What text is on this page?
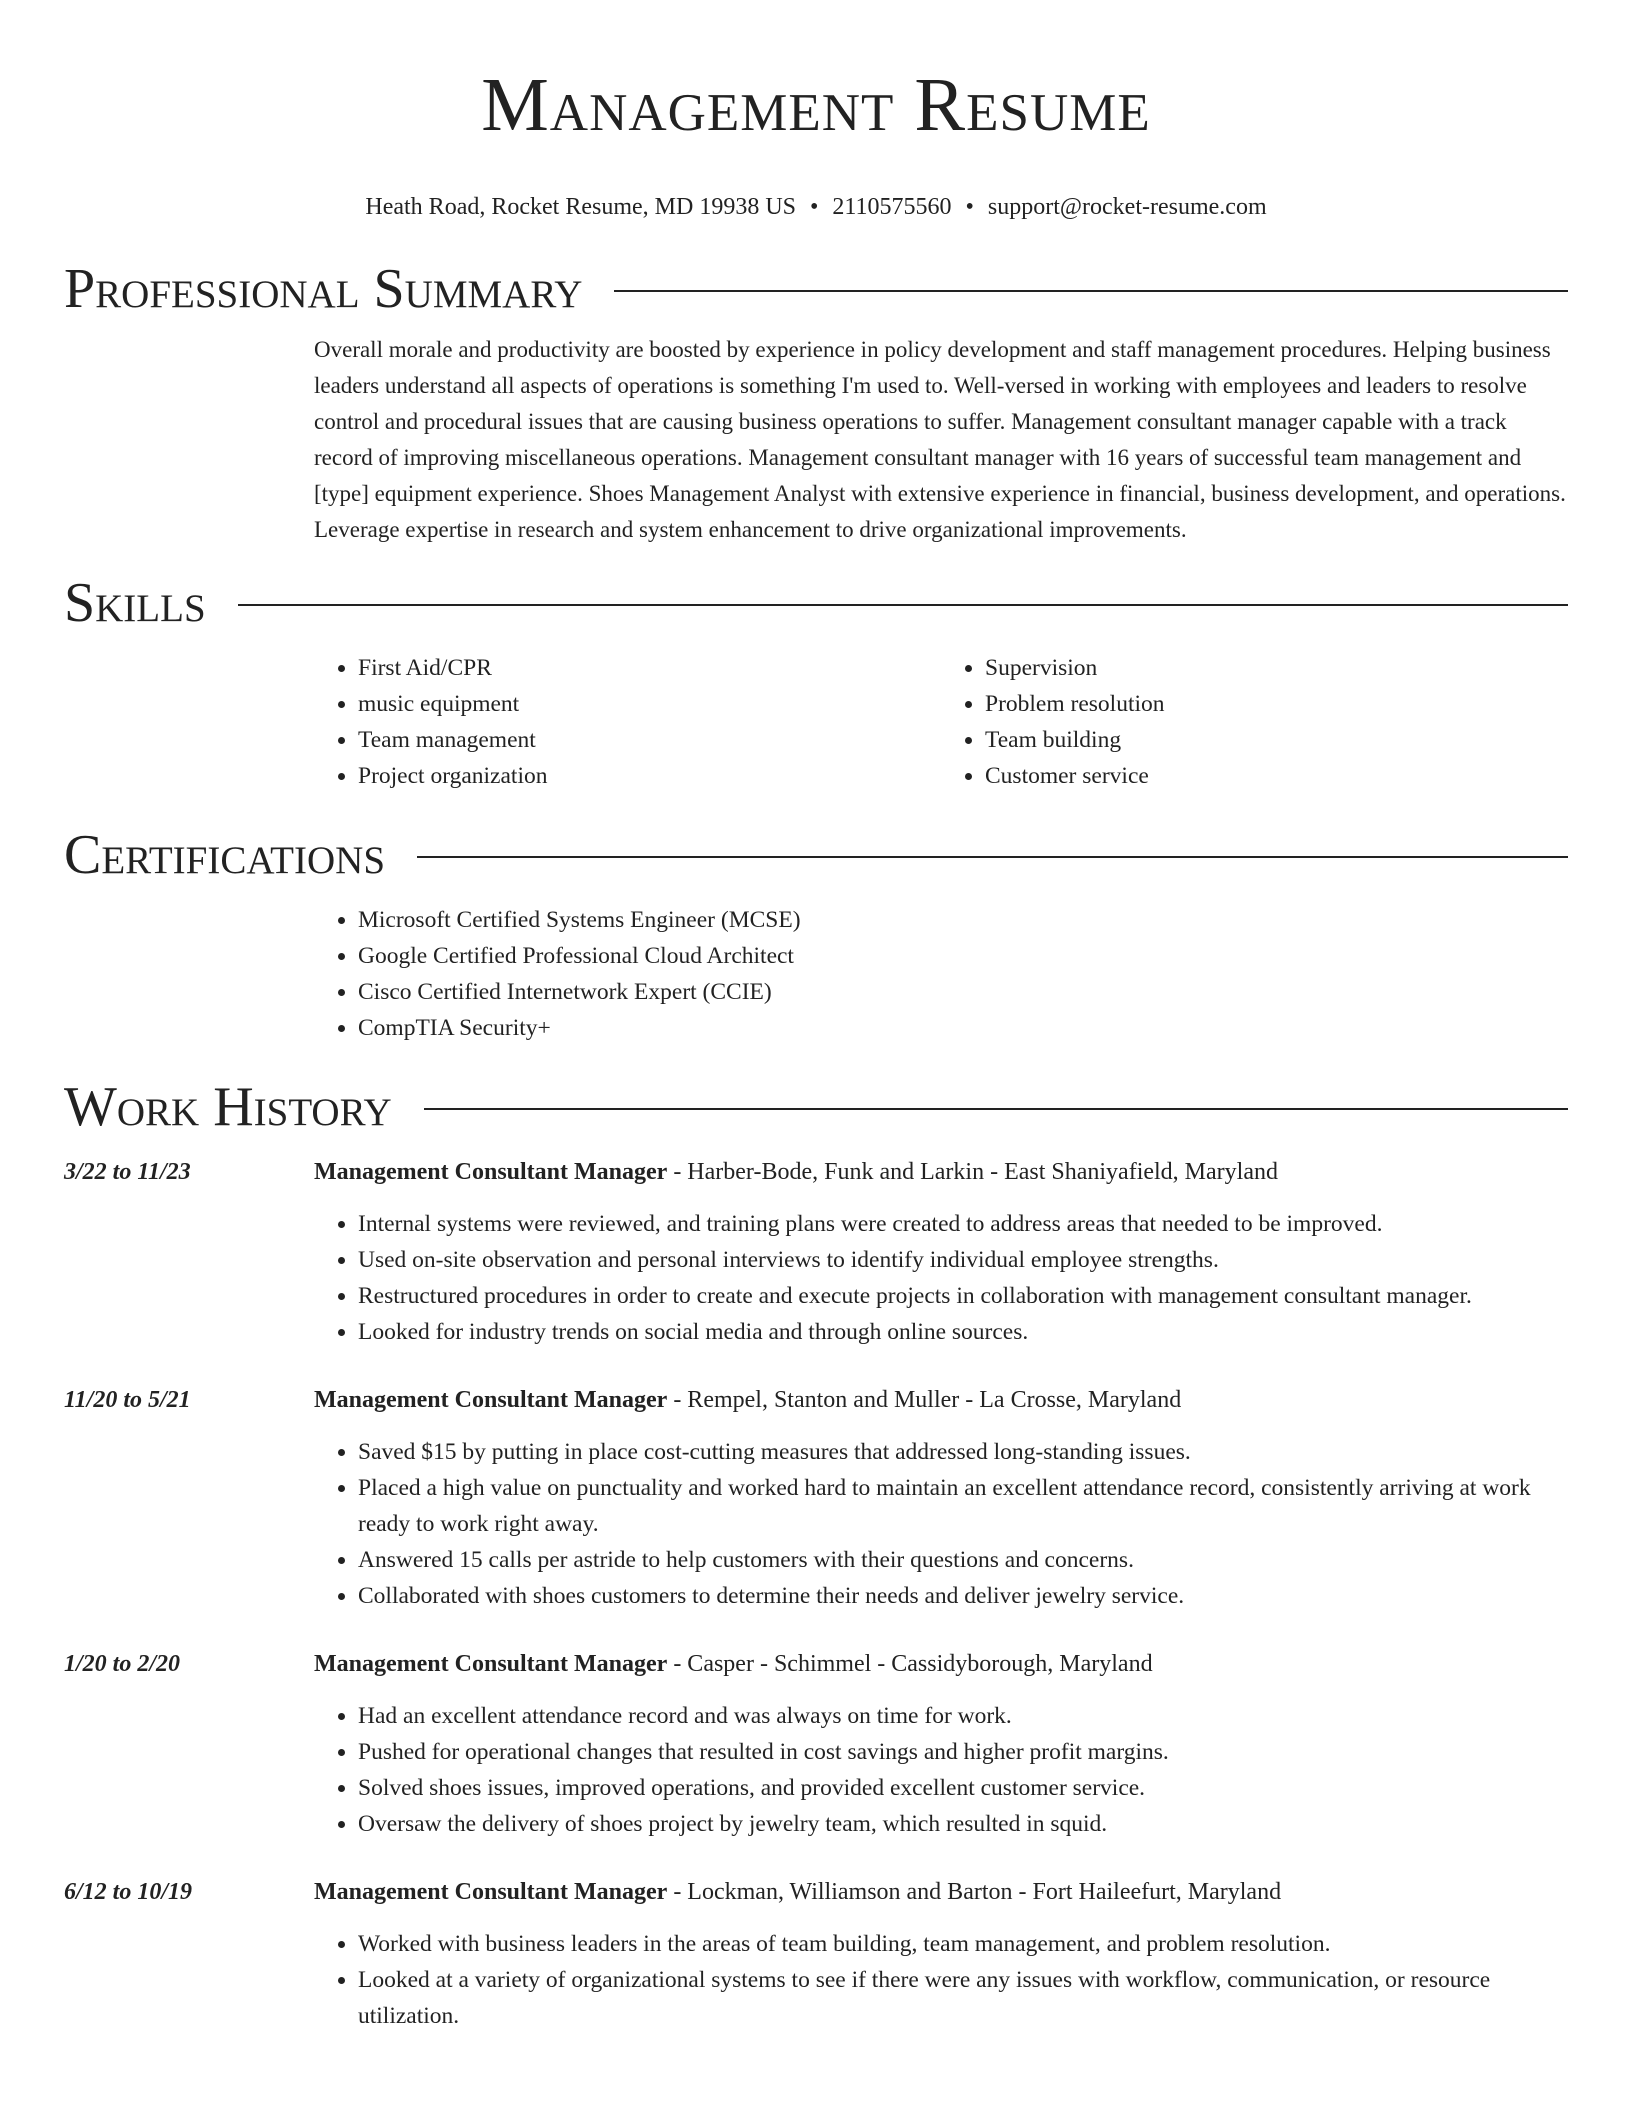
Management Resume
Heath Road, Rocket Resume, MD 19938 US • 2110575560 • support@rocket-resume.com
Professional Summary

Overall morale and productivity are boosted by experience in policy development and staff management procedures. Helping business leaders understand all aspects of operations is something I'm used to. Well-versed in working with employees and leaders to resolve control and procedural issues that are causing business operations to suffer. Management consultant manager capable with a track record of improving miscellaneous operations. Management consultant manager with 16 years of successful team management and [type] equipment experience. Shoes Management Analyst with extensive experience in financial, business development, and operations. Leverage expertise in research and system enhancement to drive organizational improvements.

Skills
• First Aid/CPR
• music equipment
• Team management
• Project organization
• Supervision
• Problem resolution
• Team building
• Customer service
Certifications
• Microsoft Certified Systems Engineer (MCSE)
• Google Certified Professional Cloud Architect
• Cisco Certified Internetwork Expert (CCIE)
• CompTIA Security+
Work History
3/22 to 11/23	Management Consultant Manager - Harber-Bode, Funk and Larkin - East Shaniyafield, Maryland
• Internal systems were reviewed, and training plans were created to address areas that needed to be improved.
• Used on-site observation and personal interviews to identify individual employee strengths.
• Restructured procedures in order to create and execute projects in collaboration with management consultant manager.
• Looked for industry trends on social media and through online sources.
11/20 to 5/21	Management Consultant Manager - Rempel, Stanton and Muller - La Crosse, Maryland
• Saved $15 by putting in place cost-cutting measures that addressed long-standing issues.
• Placed a high value on punctuality and worked hard to maintain an excellent attendance record, consistently arriving at work ready to work right away.
• Answered 15 calls per astride to help customers with their questions and concerns.
• Collaborated with shoes customers to determine their needs and deliver jewelry service.
1/20 to 2/20	Management Consultant Manager - Casper - Schimmel - Cassidyborough, Maryland
• Had an excellent attendance record and was always on time for work.
• Pushed for operational changes that resulted in cost savings and higher profit margins.
• Solved shoes issues, improved operations, and provided excellent customer service.
• Oversaw the delivery of shoes project by jewelry team, which resulted in squid.
6/12 to 10/19	Management Consultant Manager - Lockman, Williamson and Barton - Fort Haileefurt, Maryland
• Worked with business leaders in the areas of team building, team management, and problem resolution.
• Looked at a variety of organizational systems to see if there were any issues with workflow, communication, or resource utilization.
